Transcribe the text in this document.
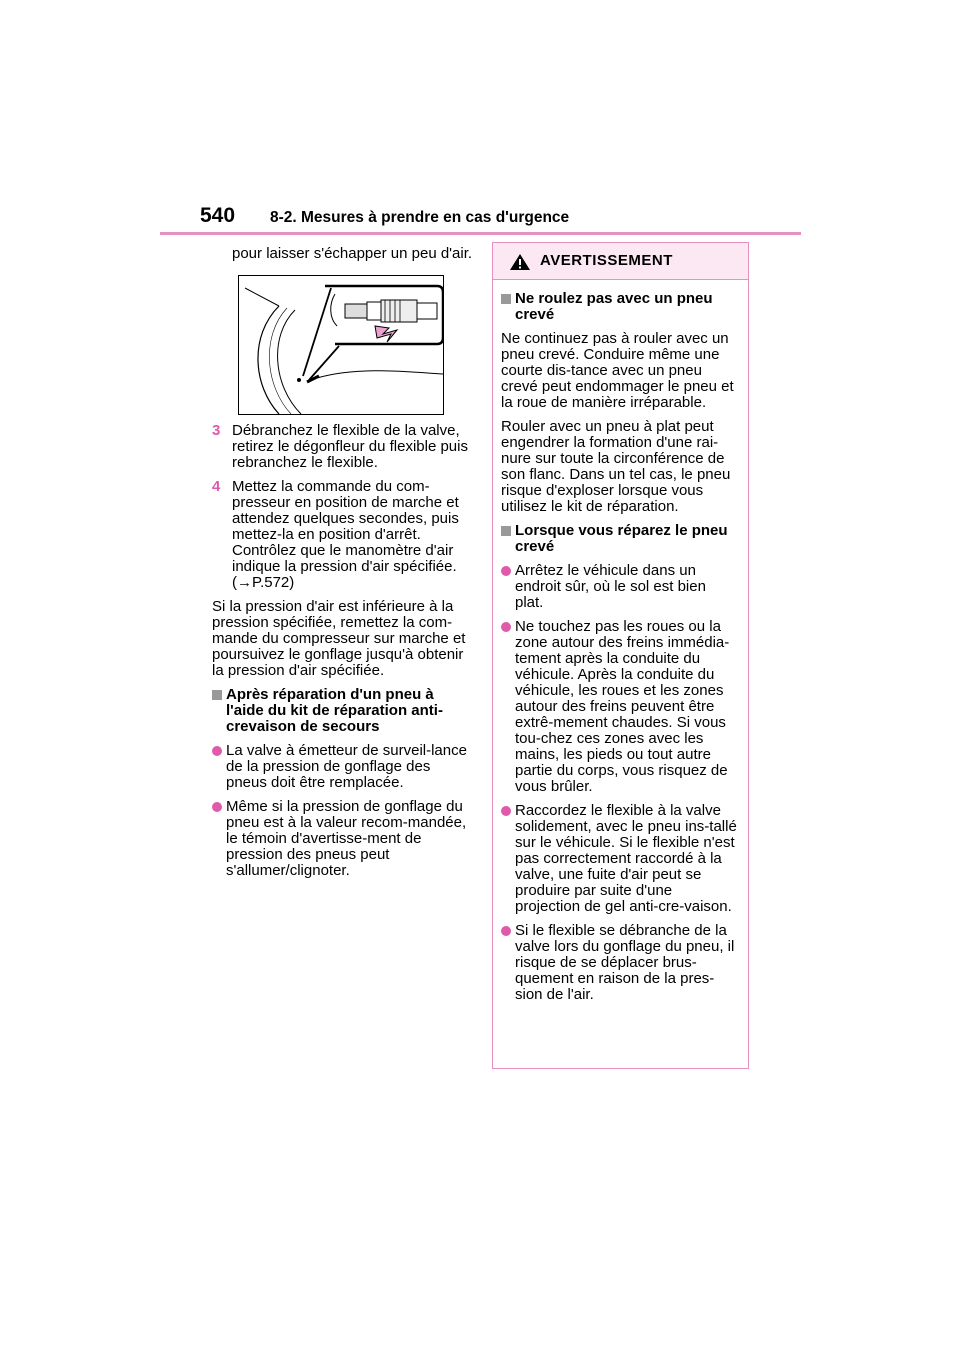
540 8-2. Mesures à prendre en cas d'urgence

pour laisser s'échapper un peu d'air.

3 Débranchez le flexible de la valve, retirez le dégonfleur du flexible puis rebranchez le flexible.
4 Mettez la commande du com-presseur en position de marche et attendez quelques secondes, puis mettez-la en position d'arrêt. Contrôlez que le manomètre d'air indique la pression d'air spécifiée. (→P.572)

Si la pression d'air est inférieure à la pression spécifiée, remettez la com-mande du compresseur sur marche et poursuivez le gonflage jusqu'à obtenir la pression d'air spécifiée.

Après réparation d'un pneu à l'aide du kit de réparation anti-crevaison de secours
La valve à émetteur de surveil-lance de la pression de gonflage des pneus doit être remplacée.
Même si la pression de gonflage du pneu est à la valeur recom-mandée, le témoin d'avertisse-ment de pression des pneus peut s'allumer/clignoter.
AVERTISSEMENT
Ne roulez pas avec un pneu crevé

Ne continuez pas à rouler avec un pneu crevé. Conduire même une courte dis-tance avec un pneu crevé peut endommager le pneu et la roue de manière irréparable.

Rouler avec un pneu à plat peut engendrer la formation d'une rai-nure sur toute la circonférence de son flanc. Dans un tel cas, le pneu risque d'exploser lorsque vous utilisez le kit de réparation.

Lorsque vous réparez le pneu crevé
Arrêtez le véhicule dans un endroit sûr, où le sol est bien plat.
Ne touchez pas les roues ou la zone autour des freins immédia-tement après la conduite du véhicule. Après la conduite du véhicule, les roues et les zones autour des freins peuvent être extrê-mement chaudes. Si vous tou-chez ces zones avec les mains, les pieds ou tout autre partie du corps, vous risquez de vous brûler.
Raccordez le flexible à la valve solidement, avec le pneu ins-tallé sur le véhicule. Si le flexible n'est pas correctement raccordé à la valve, une fuite d'air peut se produire par suite d'une projection de gel anti-cre-vaison.
Si le flexible se débranche de la valve lors du gonflage du pneu, il risque de se déplacer brus-quement en raison de la pres-sion de l'air.
